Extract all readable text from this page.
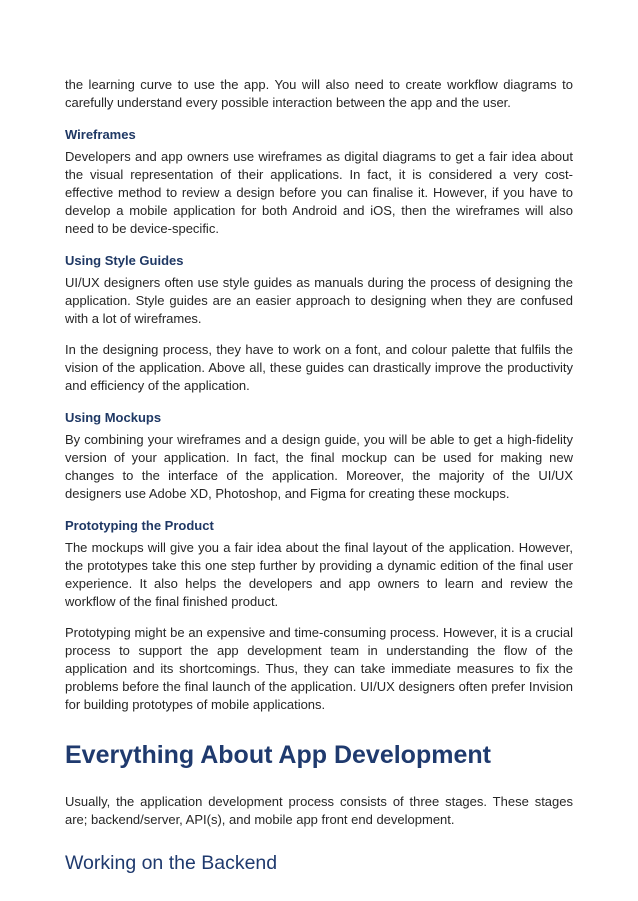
the learning curve to use the app. You will also need to create workflow diagrams to carefully understand every possible interaction between the app and the user.

Wireframes

Developers and app owners use wireframes as digital diagrams to get a fair idea about the visual representation of their applications. In fact, it is considered a very cost-effective method to review a design before you can finalise it. However, if you have to develop a mobile application for both Android and iOS, then the wireframes will also need to be device-specific.

Using Style Guides

UI/UX designers often use style guides as manuals during the process of designing the application. Style guides are an easier approach to designing when they are confused with a lot of wireframes.

In the designing process, they have to work on a font, and colour palette that fulfils the vision of the application. Above all, these guides can drastically improve the productivity and efficiency of the application.

Using Mockups

By combining your wireframes and a design guide, you will be able to get a high-fidelity version of your application. In fact, the final mockup can be used for making new changes to the interface of the application. Moreover, the majority of the UI/UX designers use Adobe XD, Photoshop, and Figma for creating these mockups.

Prototyping the Product

The mockups will give you a fair idea about the final layout of the application. However, the prototypes take this one step further by providing a dynamic edition of the final user experience. It also helps the developers and app owners to learn and review the workflow of the final finished product.

Prototyping might be an expensive and time-consuming process. However, it is a crucial process to support the app development team in understanding the flow of the application and its shortcomings. Thus, they can take immediate measures to fix the problems before the final launch of the application. UI/UX designers often prefer Invision for building prototypes of mobile applications.

Everything About App Development

Usually, the application development process consists of three stages. These stages are; backend/server, API(s), and mobile app front end development.

Working on the Backend
